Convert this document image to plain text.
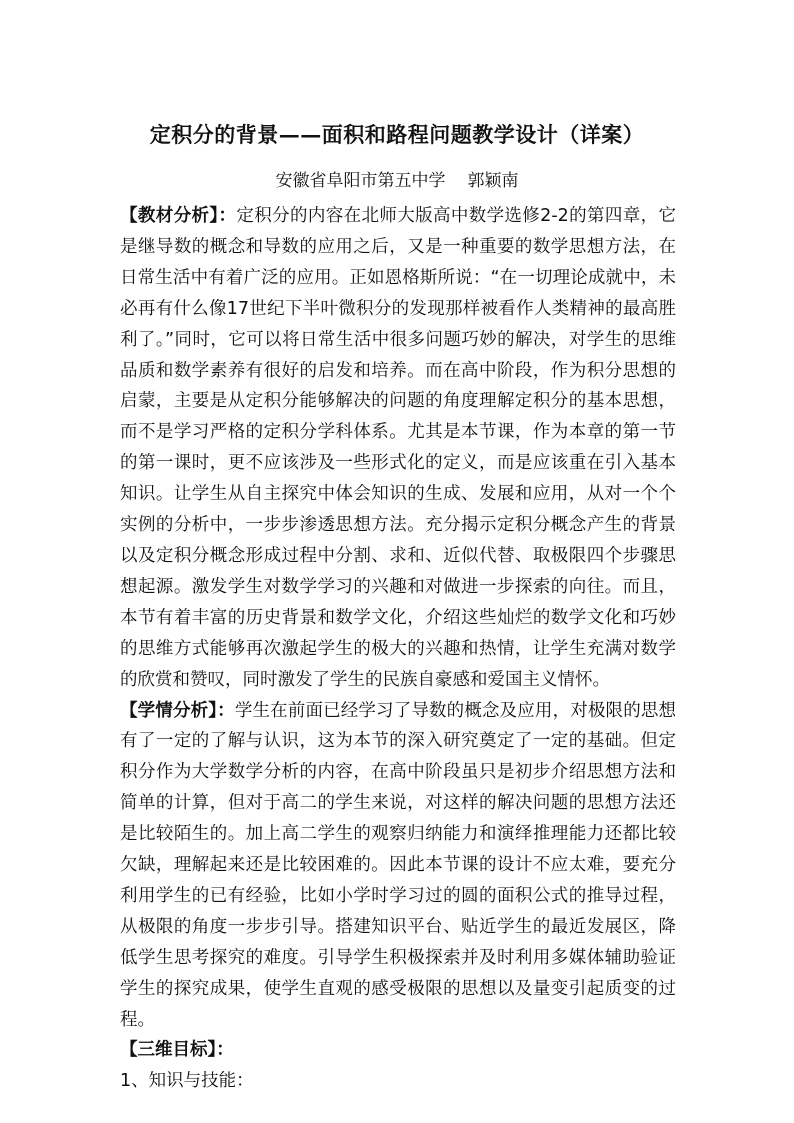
定积分的背景——面积和路程问题教学设计（详案）
安徽省阜阳市第五中学 郭颖南

【教材分析】：定积分的内容在北师大版高中数学选修2-2的第四章，它是继导数的概念和导数的应用之后，又是一种重要的数学思想方法，在日常生活中有着广泛的应用。正如恩格斯所说：“在一切理论成就中，未必再有什么像17世纪下半叶微积分的发现那样被看作人类精神的最高胜利了。”同时，它可以将日常生活中很多问题巧妙的解决，对学生的思维品质和数学素养有很好的启发和培养。而在高中阶段，作为积分思想的启蒙，主要是从定积分能够解决的问题的角度理解定积分的基本思想，而不是学习严格的定积分学科体系。尤其是本节课，作为本章的第一节的第一课时，更不应该涉及一些形式化的定义，而是应该重在引入基本知识。让学生从自主探究中体会知识的生成、发展和应用，从对一个个实例的分析中，一步步渗透思想方法。充分揭示定积分概念产生的背景以及定积分概念形成过程中分割、求和、近似代替、取极限四个步骤思想起源。激发学生对数学学习的兴趣和对做进一步探索的向往。而且，本节有着丰富的历史背景和数学文化，介绍这些灿烂的数学文化和巧妙的思维方式能够再次激起学生的极大的兴趣和热情，让学生充满对数学的欣赏和赞叹，同时激发了学生的民族自豪感和爱国主义情怀。

【学情分析】：学生在前面已经学习了导数的概念及应用，对极限的思想有了一定的了解与认识，这为本节的深入研究奠定了一定的基础。但定积分作为大学数学分析的内容，在高中阶段虽只是初步介绍思想方法和简单的计算，但对于高二的学生来说，对这样的解决问题的思想方法还是比较陌生的。加上高二学生的观察归纳能力和演绎推理能力还都比较欠缺，理解起来还是比较困难的。因此本节课的设计不应太难，要充分利用学生的已有经验，比如小学时学习过的圆的面积公式的推导过程，从极限的角度一步步引导。搭建知识平台、贴近学生的最近发展区，降低学生思考探究的难度。引导学生积极探索并及时利用多媒体辅助验证学生的探究成果，使学生直观的感受极限的思想以及量变引起质变的过程。

【三维目标】：

1、知识与技能：
